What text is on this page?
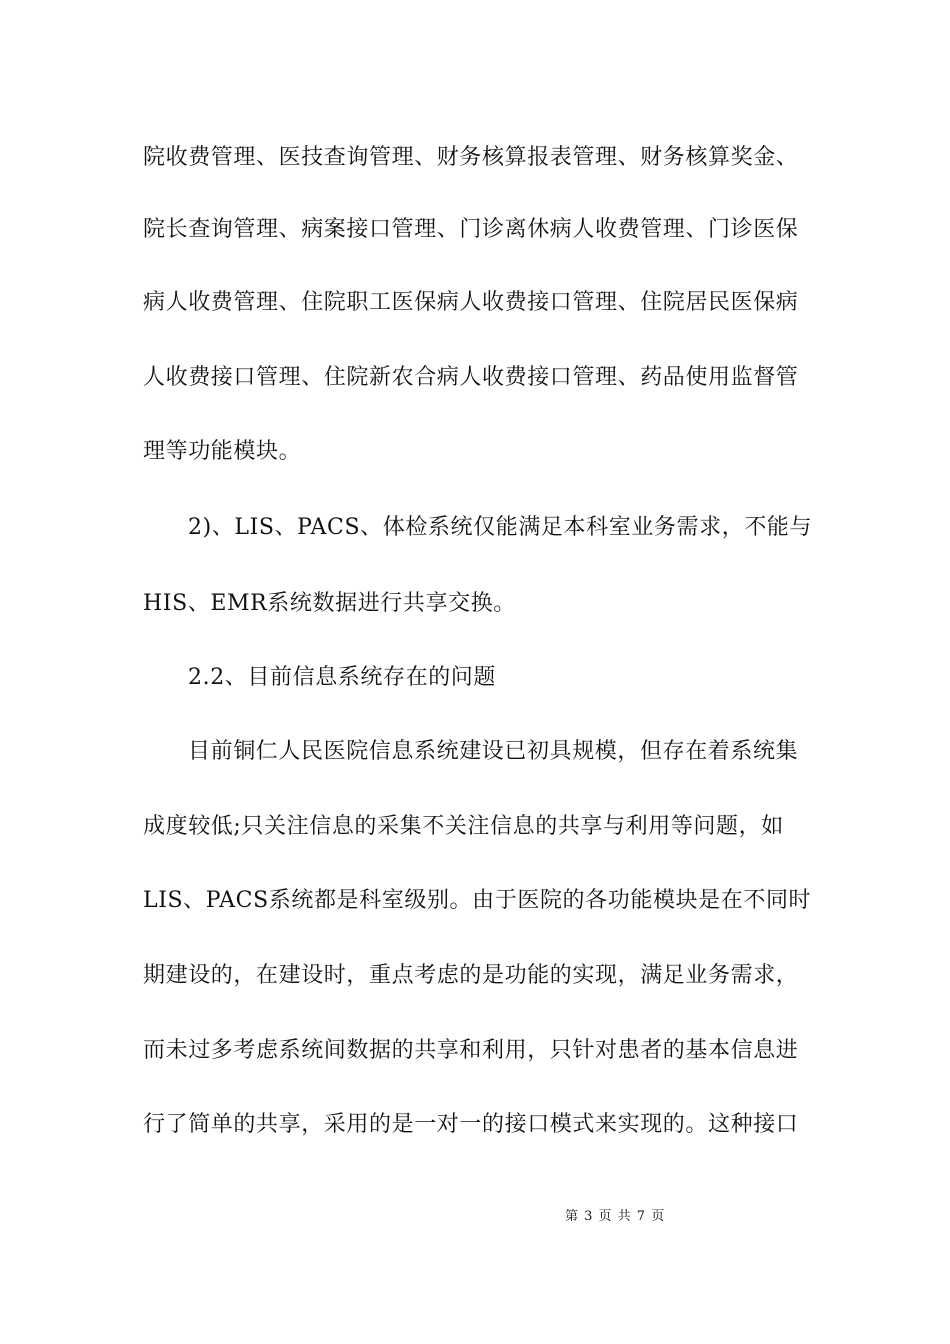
院收费管理、医技查询管理、财务核算报表管理、财务核算奖金、
院长查询管理、病案接口管理、门诊离休病人收费管理、门诊医保
病人收费管理、住院职工医保病人收费接口管理、住院居民医保病
人收费接口管理、住院新农合病人收费接口管理、药品使用监督管
理等功能模块。
2)、LIS、PACS、体检系统仅能满足本科室业务需求，不能与
HIS、EMR系统数据进行共享交换。
2.2、目前信息系统存在的问题
目前铜仁人民医院信息系统建设已初具规模，但存在着系统集
成度较低;只关注信息的采集不关注信息的共享与利用等问题，如
LIS、PACS系统都是科室级别。由于医院的各功能模块是在不同时
期建设的，在建设时，重点考虑的是功能的实现，满足业务需求，
而未过多考虑系统间数据的共享和利用，只针对患者的基本信息进
行了简单的共享，采用的是一对一的接口模式来实现的。这种接口
第 3 页 共 7 页
